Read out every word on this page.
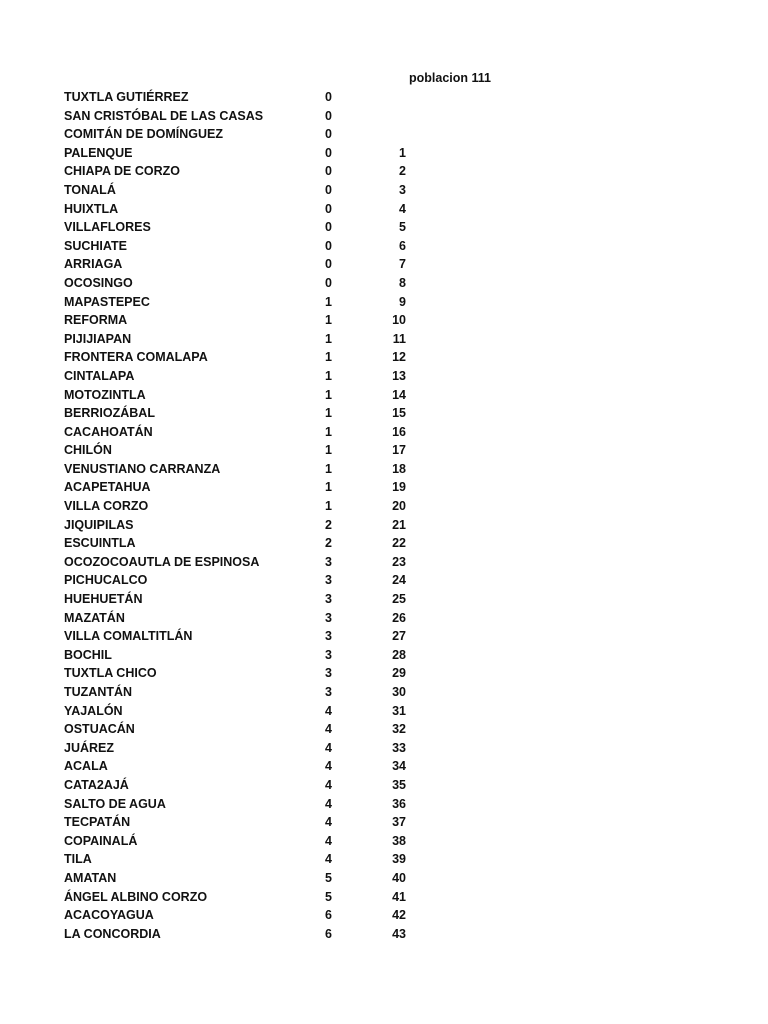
poblacion 111
TUXTLA GUTIÉRREZ	0
SAN CRISTÓBAL DE LAS CASAS	0
COMITÁN DE DOMÍNGUEZ	0
PALENQUE	0	1
CHIAPA DE CORZO	0	2
TONALÁ	0	3
HUIXTLA	0	4
VILLAFLORES	0	5
SUCHIATE	0	6
ARRIAGA	0	7
OCOSINGO	0	8
MAPASTEPEC	1	9
REFORMA	1	10
PIJIJIAPAN	1	11
FRONTERA COMALAPA	1	12
CINTALAPA	1	13
MOTOZINTLA	1	14
BERRIOZÁBAL	1	15
CACAHOATÁN	1	16
CHILÓN	1	17
VENUSTIANO CARRANZA	1	18
ACAPETAHUA	1	19
VILLA CORZO	1	20
JIQUIPILAS	2	21
ESCUINTLA	2	22
OCOZOCOAUTLA DE ESPINOSA	3	23
PICHUCALCO	3	24
HUEHUETÁN	3	25
MAZATÁN	3	26
VILLA COMALTITLÁN	3	27
BOCHIL	3	28
TUXTLA CHICO	3	29
TUZANTÁN	3	30
YAJALÓN	4	31
OSTUACÁN	4	32
JUÁREZ	4	33
ACALA	4	34
CATA2AJÁ	4	35
SALTO DE AGUA	4	36
TECPATÁN	4	37
COPAINALÁ	4	38
TILA	4	39
AMATAN	5	40
ÁNGEL ALBINO CORZO	5	41
ACACOYAGUA	6	42
LA CONCORDIA	6	43
